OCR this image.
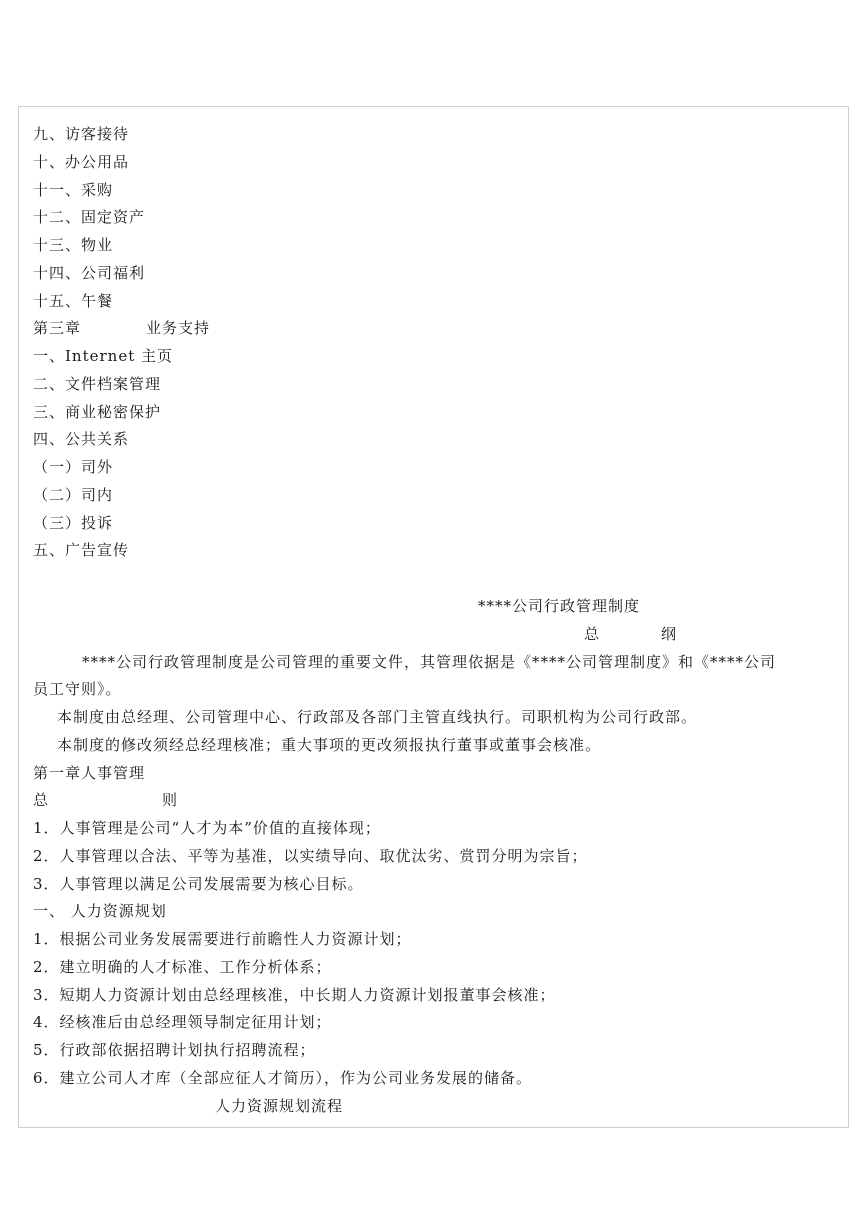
九、访客接待
十、办公用品
十一、采购
十二、固定资产
十三、物业
十四、公司福利
十五、午餐
第三章	业务支持
一、Internet 主页
二、文件档案管理
三、商业秘密保护
四、公共关系
（一）司外
（二）司内
（三）投诉
五、广告宣传
****公司行政管理制度
总	纲
****公司行政管理制度是公司管理的重要文件，其管理依据是《****公司管理制度》和《****公司
员工守则》。
本制度由总经理、公司管理中心、行政部及各部门主管直线执行。司职机构为公司行政部。
本制度的修改须经总经理核准；重大事项的更改须报执行董事或董事会核准。
第一章人事管理
总	则
1．人事管理是公司“人才为本”价值的直接体现；
2．人事管理以合法、平等为基准，以实绩导向、取优汰劣、赏罚分明为宗旨；
3．人事管理以满足公司发展需要为核心目标。
一、 人力资源规划
1．根据公司业务发展需要进行前瞻性人力资源计划；
2．建立明确的人才标准、工作分析体系；
3．短期人力资源计划由总经理核准，中长期人力资源计划报董事会核准；
4．经核准后由总经理领导制定征用计划；
5．行政部依据招聘计划执行招聘流程；
6．建立公司人才库（全部应征人才简历），作为公司业务发展的储备。
人力资源规划流程
